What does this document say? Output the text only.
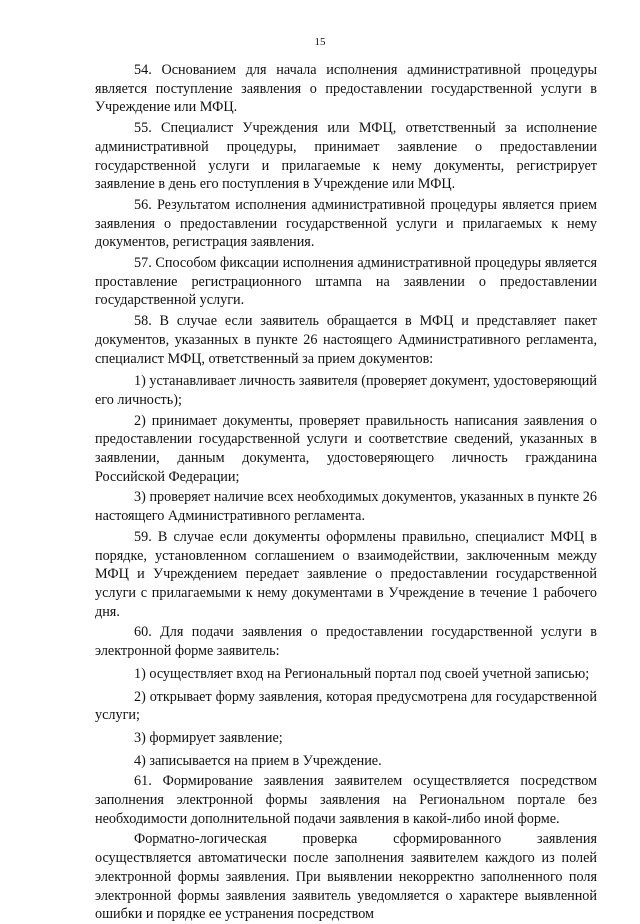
15

54. Основанием для начала исполнения административной процедуры является поступление заявления о предоставлении государственной услуги в Учреждение или МФЦ.

55. Специалист Учреждения или МФЦ, ответственный за исполнение административной процедуры, принимает заявление о предоставлении государственной услуги и прилагаемые к нему документы, регистрирует заявление в день его поступления в Учреждение или МФЦ.

56. Результатом исполнения административной процедуры является прием заявления о предоставлении государственной услуги и прилагаемых к нему документов, регистрация заявления.

57. Способом фиксации исполнения административной процедуры является проставление регистрационного штампа на заявлении о предоставлении государственной услуги.

58. В случае если заявитель обращается в МФЦ и представляет пакет документов, указанных в пункте 26 настоящего Административного регламента, специалист МФЦ, ответственный за прием документов:

1) устанавливает личность заявителя (проверяет документ, удостоверяющий его личность);

2) принимает документы, проверяет правильность написания заявления о предоставлении государственной услуги и соответствие сведений, указанных в заявлении, данным документа, удостоверяющего личность гражданина Российской Федерации;

3) проверяет наличие всех необходимых документов, указанных в пункте 26 настоящего Административного регламента.

59. В случае если документы оформлены правильно, специалист МФЦ в порядке, установленном соглашением о взаимодействии, заключенным между МФЦ и Учреждением передает заявление о предоставлении государственной услуги с прилагаемыми к нему документами в Учреждение в течение 1 рабочего дня.

60. Для подачи заявления о предоставлении государственной услуги в электронной форме заявитель:

1) осуществляет вход на Региональный портал под своей учетной записью;

2) открывает форму заявления, которая предусмотрена для государственной услуги;

3) формирует заявление;

4) записывается на прием в Учреждение.

61. Формирование заявления заявителем осуществляется посредством заполнения электронной формы заявления на Региональном портале без необходимости дополнительной подачи заявления в какой-либо иной форме.

Форматно-логическая проверка сформированного заявления осуществляется автоматически после заполнения заявителем каждого из полей электронной формы заявления. При выявлении некорректно заполненного поля электронной формы заявления заявитель уведомляется о характере выявленной ошибки и порядке ее устранения посредством
